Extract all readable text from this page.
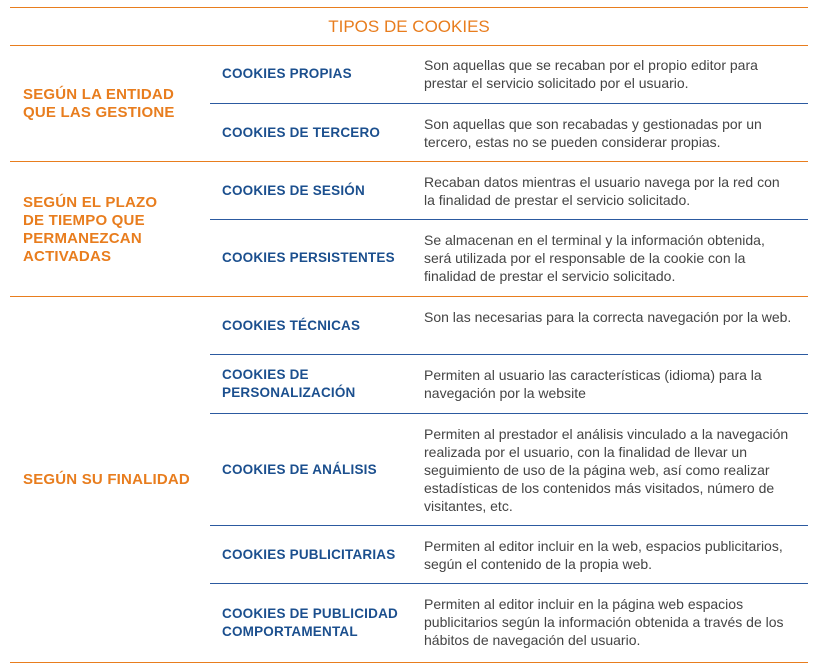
TIPOS DE COOKIES
SEGÚN LA ENTIDAD QUE LAS GESTIONE
COOKIES PROPIAS
Son aquellas que se recaban por el propio editor para prestar el servicio solicitado por el usuario.
COOKIES DE TERCERO
Son aquellas que son recabadas y gestionadas por un tercero, estas no se pueden considerar propias.
SEGÚN EL PLAZO DE TIEMPO QUE PERMANEZCAN ACTIVADAS
COOKIES DE SESIÓN
Recaban datos mientras el usuario navega por la red con la finalidad de prestar el servicio solicitado.
COOKIES PERSISTENTES
Se almacenan en el terminal y la información obtenida, será utilizada por el responsable de la cookie con la finalidad de prestar el servicio solicitado.
SEGÚN SU FINALIDAD
COOKIES TÉCNICAS
Son las necesarias para la correcta navegación por la web.
COOKIES DE PERSONALIZACIÓN
Permiten al usuario las características (idioma) para la navegación por la website
COOKIES DE ANÁLISIS
Permiten al prestador el análisis vinculado a la navegación realizada por el usuario, con la finalidad de llevar un seguimiento de uso de la página web, así como realizar estadísticas de los contenidos más visitados, número de visitantes, etc.
COOKIES PUBLICITARIAS
Permiten al editor incluir en la web, espacios publicitarios, según el contenido de la propia web.
COOKIES DE PUBLICIDAD COMPORTAMENTAL
Permiten al editor incluir en la página web espacios publicitarios según la información obtenida a través de los hábitos de navegación del usuario.
